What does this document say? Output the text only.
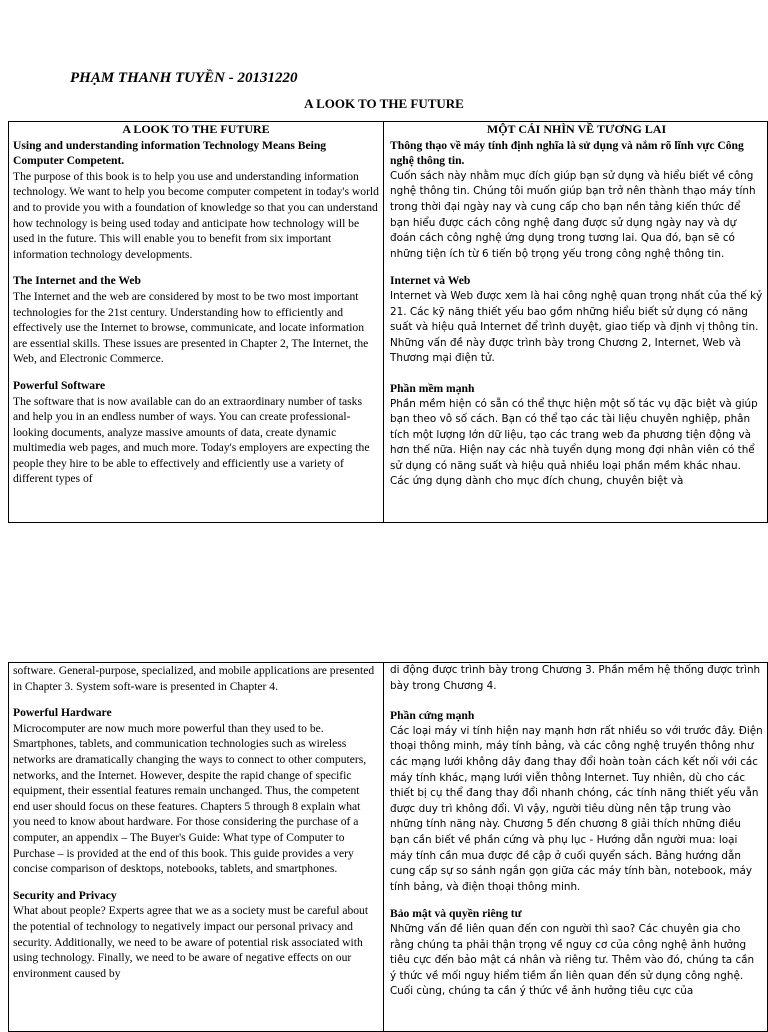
PHẠM THANH TUYỀN - 20131220
A LOOK TO THE FUTURE
A LOOK TO THE FUTURE

Using and understanding information Technology Means Being Computer Competent.

The purpose of this book is to help you use and understanding information technology. We want to help you become computer competent in today's world and to provide you with a foundation of knowledge so that you can understand how technology is being used today and anticipate how technology will be used in the future. This will enable you to benefit from six important information technology developments.

The Internet and the Web

The Internet and the web are considered by most to be two most important technologies for the 21st century. Understanding how to efficiently and effectively use the Internet to browse, communicate, and locate information are essential skills. These issues are presented in Chapter 2, The Internet, the Web, and Electronic Commerce.

Powerful Software

The software that is now available can do an extraordinary number of tasks and help you in an endless number of ways. You can create professional-looking documents, analyze massive amounts of data, create dynamic multimedia web pages, and much more. Today's employers are expecting the people they hire to be able to effectively and efficiently use a variety of different types of

MỘT CÁI NHÌN VỀ TƯƠNG LAI

Thông thạo về máy tính định nghĩa là sử dụng và nắm rõ lĩnh vực Công nghệ thông tin.

Cuốn sách này nhằm mục đích giúp bạn sử dụng và hiểu biết về công nghệ thông tin. Chúng tôi muốn giúp bạn trở nên thành thạo máy tính trong thời đại ngày nay và cung cấp cho bạn nền tảng kiến thức để bạn hiểu được cách công nghệ đang được sử dụng ngày nay và dự đoán cách công nghệ ứng dụng trong tương lai. Qua đó, bạn sẽ có những tiện ích từ 6 tiến bộ trọng yếu trong công nghệ thông tin.

Internet và Web

Internet và Web được xem là hai công nghệ quan trọng nhất của thế kỷ 21. Các kỹ năng thiết yếu bao gồm những hiểu biết sử dụng có năng suất và hiệu quả Internet để trình duyệt, giao tiếp và định vị thông tin. Những vấn đề này được trình bày trong Chương 2, Internet, Web và Thương mại điện tử.

Phần mềm mạnh

Phần mềm hiện có sẵn có thể thực hiện một số tác vụ đặc biệt và giúp bạn theo vô số cách. Bạn có thể tạo các tài liệu chuyên nghiệp, phân tích một lượng lớn dữ liệu, tạo các trang web đa phương tiện động và hơn thế nữa. Hiện nay các nhà tuyển dụng mong đợi nhân viên có thể sử dụng có năng suất và hiệu quả nhiều loại phần mềm khác nhau. Các ứng dụng dành cho mục đích chung, chuyên biệt và

software. General-purpose, specialized, and mobile applications are presented in Chapter 3. System soft-ware is presented in Chapter 4.

Powerful Hardware

Microcomputer are now much more powerful than they used to be. Smartphones, tablets, and communication technologies such as wireless networks are dramatically changing the ways to connect to other computers, networks, and the Internet. However, despite the rapid change of specific equipment, their essential features remain unchanged. Thus, the competent end user should focus on these features. Chapters 5 through 8 explain what you need to know about hardware. For those considering the purchase of a computer, an appendix – The Buyer's Guide: What type of Computer to Purchase – is provided at the end of this book. This guide provides a very concise comparison of desktops, notebooks, tablets, and smartphones.

Security and Privacy

What about people? Experts agree that we as a society must be careful about the potential of technology to negatively impact our personal privacy and security. Additionally, we need to be aware of potential risk associated with using technology. Finally, we need to be aware of negative effects on our environment caused by

di động được trình bày trong Chương 3. Phần mềm hệ thống được trình bày trong Chương 4.

Phần cứng mạnh

Các loại máy vi tính hiện nay mạnh hơn rất nhiều so với trước đây. Điện thoại thông minh, máy tính bảng, và các công nghệ truyền thông như các mạng lưới không dây đang thay đổi hoàn toàn cách kết nối với các máy tính khác, mạng lưới viễn thông Internet. Tuy nhiên, dù cho các thiết bị cụ thể đang thay đổi nhanh chóng, các tính năng thiết yếu vẫn được duy trì không đổi. Vì vậy, người tiêu dùng nên tập trung vào những tính năng này. Chương 5 đến chương 8 giải thích những điều bạn cần biết về phần cứng và phụ lục - Hướng dẫn người mua: loại máy tính cần mua được đề cập ở cuối quyển sách. Bảng hướng dẫn cung cấp sự so sánh ngắn gọn giữa các máy tính bàn, notebook, máy tính bảng, và điện thoại thông minh.

Bảo mật và quyền riêng tư

Những vấn đề liên quan đến con người thì sao? Các chuyên gia cho rằng chúng ta phải thận trọng về nguy cơ của công nghệ ảnh hưởng tiêu cực đến bảo mật cá nhân và riêng tư. Thêm vào đó, chúng ta cần ý thức về mối nguy hiểm tiềm ẩn liên quan đến sử dụng công nghệ. Cuối cùng, chúng ta cần ý thức về ảnh hưởng tiêu cực của
